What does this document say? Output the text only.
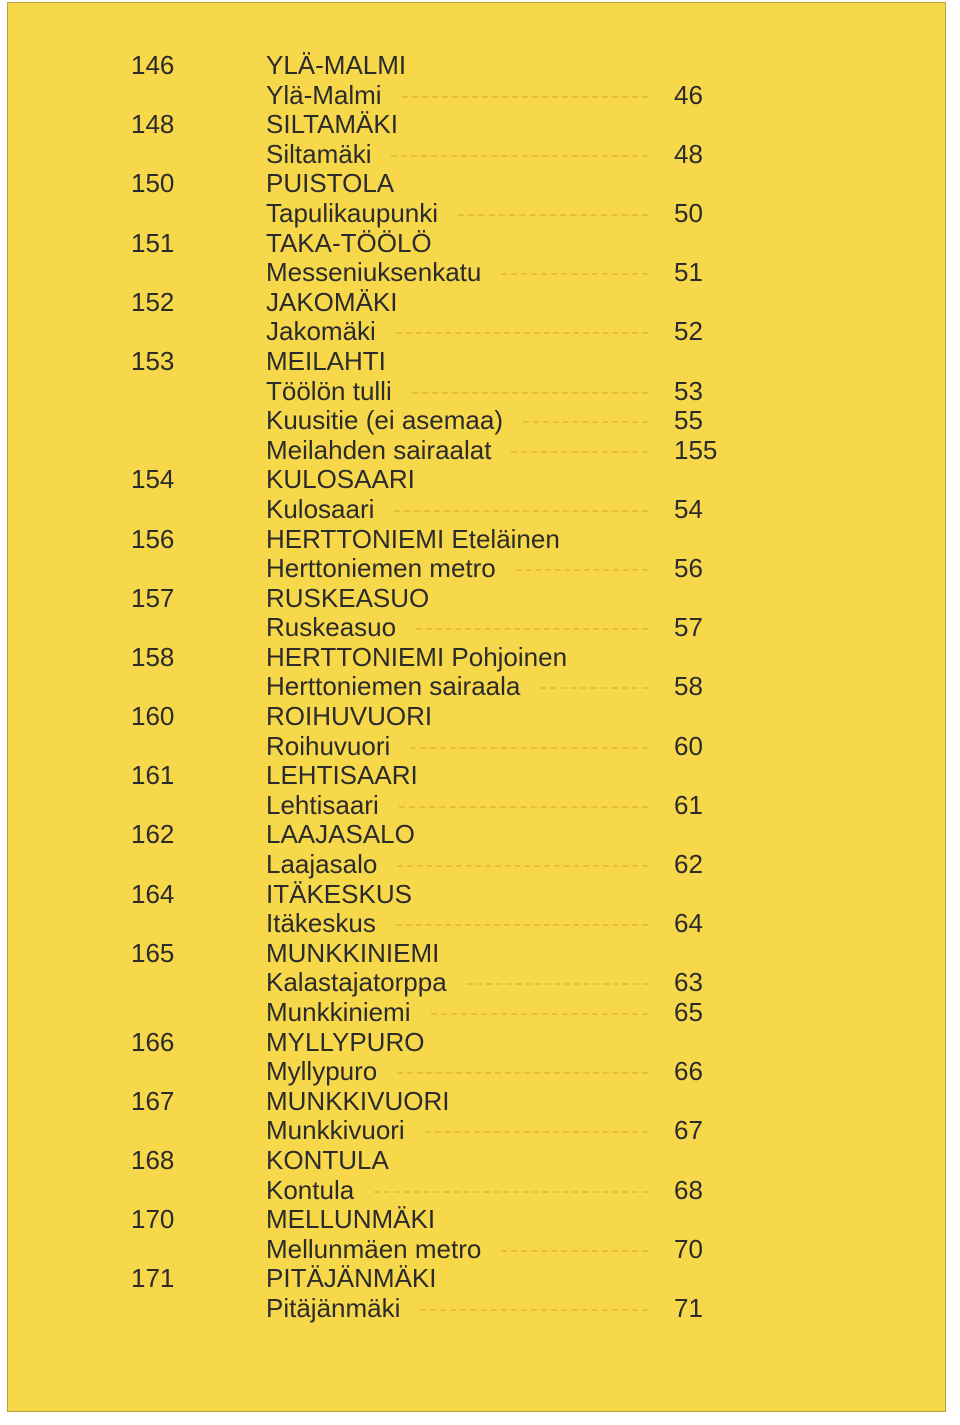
146	YLÄ-MALMI
Ylä-Malmi	46
148	SILTAMÄKI
Siltamäki	48
150	PUISTOLA
Tapulikaupunki	50
151	TAKA-TÖÖLÖ
Messeniuksenkatu	51
152	JAKOMÄKI
Jakomäki	52
153	MEILAHTI
Töölön tulli	53
Kuusitie (ei asemaa)	55
Meilahden sairaalat	155
154	KULOSAARI
Kulosaari	54
156	HERTTONIEMI Eteläinen
Herttoniemen metro	56
157	RUSKEASUO
Ruskeasuo	57
158	HERTTONIEMI Pohjoinen
Herttoniemen sairaala	58
160	ROIHUVUORI
Roihuvuori	60
161	LEHTISAARI
Lehtisaari	61
162	LAAJASALO
Laajasalo	62
164	ITÄKESKUS
Itäkeskus	64
165	MUNKKINIEMI
Kalastajatorppa	63
Munkkiniemi	65
166	MYLLYPURO
Myllypuro	66
167	MUNKKIVUORI
Munkkivuori	67
168	KONTULA
Kontula	68
170	MELLUNMÄKI
Mellunmäen metro	70
171	PITÄJÄNMÄKI
Pitäjänmäki	71
